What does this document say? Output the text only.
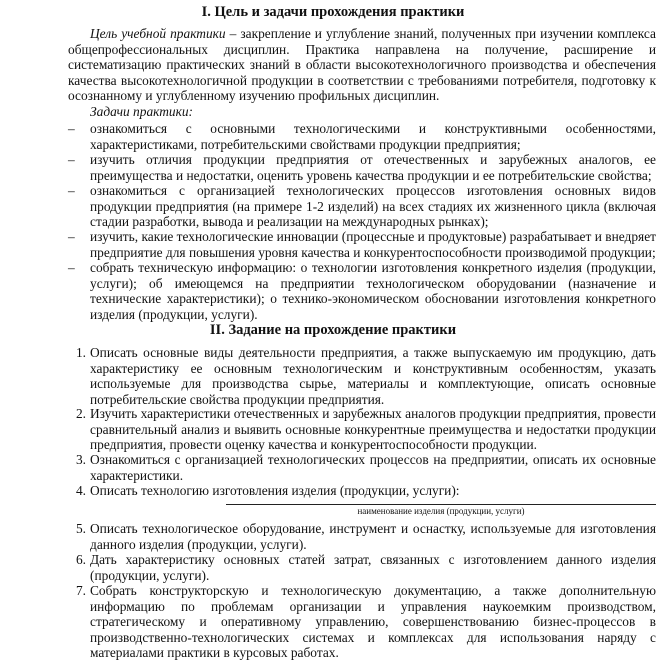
I. Цель и задачи прохождения практики

Цель учебной практики – закрепление и углубление знаний, полученных при изучении комплекса общепрофессиональных дисциплин. Практика направлена на получение, расширение и систематизацию практических знаний в области высокотехнологичного производства и обеспечения качества высокотехнологичной продукции в соответствии с требованиями потребителя, подготовку к осознанному и углубленному изучению профильных дисциплин.

Задачи практики:

– ознакомиться с основными технологическими и конструктивными особенностями, характеристиками, потребительскими свойствами продукции предприятия;

– изучить отличия продукции предприятия от отечественных и зарубежных аналогов, ее преимущества и недостатки, оценить уровень качества продукции и ее потребительские свойства;

– ознакомиться с организацией технологических процессов изготовления основных видов продукции предприятия (на примере 1-2 изделий) на всех стадиях их жизненного цикла (включая стадии разработки, вывода и реализации на международных рынках);

– изучить, какие технологические инновации (процессные и продуктовые) разрабатывает и внедряет предприятие для повышения уровня качества и конкурентоспособности производимой продукции;

– собрать техническую информацию: о технологии изготовления конкретного изделия (продукции, услуги); об имеющемся на предприятии технологическом оборудовании (назначение и технические характеристики); о технико-экономическом обосновании изготовления конкретного изделия (продукции, услуги).

II. Задание на прохождение практики
1. Описать основные виды деятельности предприятия, а также выпускаемую им продукцию, дать характеристику ее основным технологическим и конструктивным особенностям, указать используемые для производства сырье, материалы и комплектующие, описать основные потребительские свойства продукции предприятия.

2. Изучить характеристики отечественных и зарубежных аналогов продукции предприятия, провести сравнительный анализ и выявить основные конкурентные преимущества и недостатки продукции предприятия, провести оценку качества и конкурентоспособности продукции.

3. Ознакомиться с организацией технологических процессов на предприятии, описать их основные характеристики.

4. Описать технологию изготовления изделия (продукции, услуги):

наименование изделия (продукции, услуги)
5. Описать технологическое оборудование, инструмент и оснастку, используемые для изготовления данного изделия (продукции, услуги).

6. Дать характеристику основных статей затрат, связанных с изготовлением данного изделия (продукции, услуги).

7. Собрать конструкторскую и технологическую документацию, а также дополнительную информацию по проблемам организации и управления наукоемким производством, стратегическому и оперативному управлению, совершенствованию бизнес-процессов в производственно-технологических системах и комплексах для использования наряду с материалами практики в курсовых работах.
